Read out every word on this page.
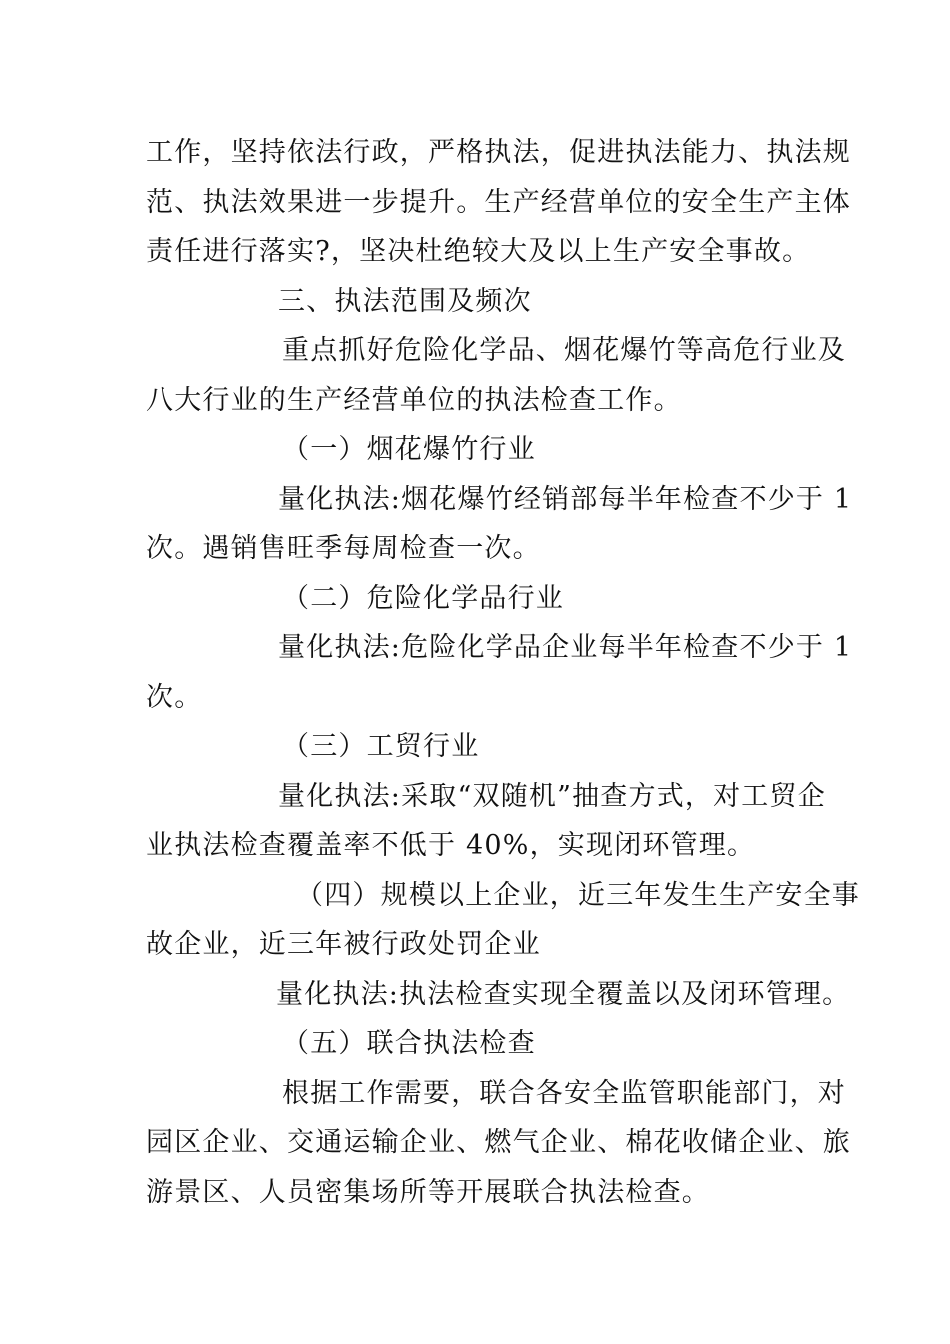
工作，坚持依法行政，严格执法，促进执法能力、执法规
范、执法效果进一步提升。生产经营单位的安全生产主体
责任进行落实?，坚决杜绝较大及以上生产安全事故。
三、执法范围及频次
重点抓好危险化学品、烟花爆竹等高危行业及
八大行业的生产经营单位的执法检查工作。
（一）烟花爆竹行业
量化执法:烟花爆竹经销部每半年检查不少于 1
次。遇销售旺季每周检查一次。
（二）危险化学品行业
量化执法:危险化学品企业每半年检查不少于 1
次。
（三）工贸行业
量化执法:采取“双随机”抽查方式，对工贸企
业执法检查覆盖率不低于 40%，实现闭环管理。
（四）规模以上企业，近三年发生生产安全事
故企业，近三年被行政处罚企业
量化执法:执法检查实现全覆盖以及闭环管理。
（五）联合执法检查
根据工作需要，联合各安全监管职能部门，对
园区企业、交通运输企业、燃气企业、棉花收储企业、旅
游景区、人员密集场所等开展联合执法检查。
